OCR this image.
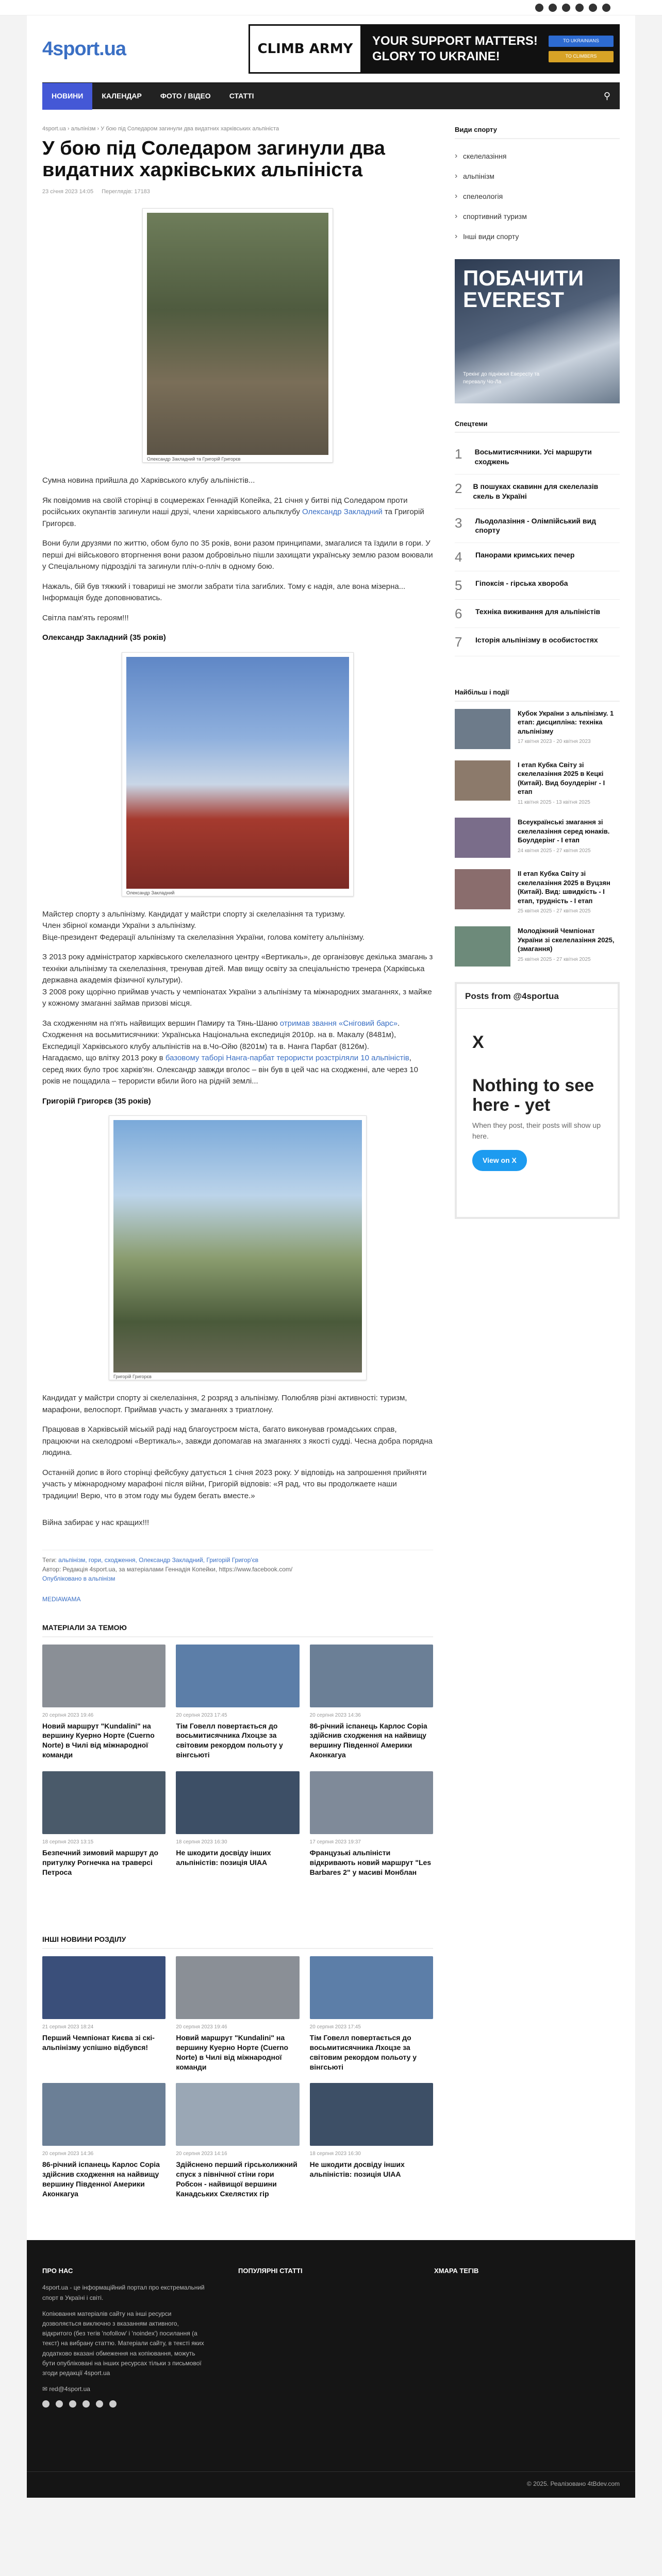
4sport.ua	CLIMB ARMY YOUR SUPPORT MATTERS!
GLORY TO UKRAINE!
TO UKRAINIANS
TO CLIMBERS
НОВИНИ	КАЛЕНДАР	ФОТО / ВІДЕО	СТАТТІ	⚲
4sport.ua › альпінізм › У бою під Соледаром загинули два видатних харківських альпініста
У бою під Соледаром загинули два видатних харківських альпініста
23 січня 2023 14:05 Переглядів: 17183
Олександр Закладний та Григорій Григорєв

Сумна новина прийшла до Харківського клубу альпіністів...

Як повідомив на своїй сторінці в соцмережах Геннадій Копейка, 21 січня у битві під Соледаром проти російських окупантів загинули наші друзі, члени харківського альпклубу Олександр Закладний та Григорій Григорєв.

Вони були друзями по життю, обом було по 35 років, вони разом принципами, змагалися та їздили в гори. У перші дні військового вторгнення вони разом добровільно пішли захищати українську землю разом воювали у Спеціальному підрозділі та загинули пліч-о-пліч в одному бою.

Нажаль, бій був тяжкий і товариші не змогли забрати тіла загиблих. Тому є надія, але вона мізерна... Інформація буде доповнюватись.

Світла пам'ять героям!!!

Олександр Закладний (35 років)

Олександр Закладний

Майстер спорту з альпінізму. Кандидат у майстри спорту зі скелелазіння та туризму.
Член збірної команди України з альпінізму.
Віце-президент Федерації альпінізму та скелелазіння України, голова комітету альпінізму.

З 2013 року адміністратор харківського скелелазного центру «Вертикаль», де організовує декілька змагань з техніки альпінізму та скелелазіння, тренував дітей. Мав вищу освіту за спеціальністю тренера (Харківська державна академія фізичної культури).
З 2008 року щорічно приймав участь у чемпіонатах України з альпінізму та міжнародних змаганнях, з майже у кожному змаганні займав призові місця.

За сходженням на п'ять найвищих вершин Памиру та Тянь-Шаню отримав звання «Сніговий барс». Сходження на восьмитисячники: Українська Національна експедиція 2010р. на в. Макалу (8481м), Експедиції Харківського клубу альпіністів на в.Чо-Ойю (8201м) та в. Нанга Парбат (8126м).
Нагадаємо, що влітку 2013 року в базовому таборі Нанга-парбат терористи розстріляли 10 альпіністів, серед яких було троє харків'ян. Олександр завжди вголос – він був в цей час на сходженні, але через 10 років не пощадила – терористи вбили його на рідній землі...

Григорій Григорєв (35 років)

Григорій Григорєв

Кандидат у майстри спорту зі скелелазіння, 2 розряд з альпінізму. Полюбляв різні активності: туризм, марафони, велоспорт. Приймав участь у змаганнях з триатлону.

Працював в Харківській міській раді над благоустроєм міста, багато виконував громадських справ, працюючи на скелодромі «Вертикаль», завжди допомагав на змаганнях з якості судді. Чесна добра порядна людина.

Останній допис в його сторінці фейсбуку датується 1 січня 2023 року. У відповідь на запрошення прийняти участь у міжнародному марафоні після війни, Григорій відповів: «Я рад, что вы продолжаете наши традиции! Верю, что в этом году мы будем бегать вместе.»

Війна забирає у нас кращих!!!

Теги: альпінізм, гори, сходження, Олександр Закладний, Григорій Григор'єв
Автор: Редакція 4sport.ua, за матеріалами Геннадія Копейки, https://www.facebook.com/
Опубліковано в альпінізм
MEDIAWAMA
МАТЕРІАЛИ ЗА ТЕМОЮ
20 серпня 2023 19:46
Новий маршрут "Kundalini" на вершину Куерно Норте (Cuerno Norte) в Чилі від міжнародної команди
20 серпня 2023 17:45
Тім Говелл повертається до восьмитисячника Лхоцзе за світовим рекордом польоту у вінгсьюті
20 серпня 2023 14:36
86-річний іспанець Карлос Соріа здійснив сходження на найвищу вершину Південної Америки Аконкагуа
18 серпня 2023 13:15
Безпечний зимовий маршрут до притулку Рогнечка на траверсі Петроса
18 серпня 2023 16:30
Не шкодити досвіду інших альпіністів: позиція UIAA
17 серпня 2023 19:37
Французькі альпіністи відкривають новий маршрут "Les Barbares 2" у масиві Монблан
ІНШІ НОВИНИ РОЗДІЛУ
21 серпня 2023 18:24
Перший Чемпіонат Києва зі скі-альпінізму успішно відбувся!
20 серпня 2023 19:46
Новий маршрут "Kundalini" на вершину Куерно Норте (Cuerno Norte) в Чилі від міжнародної команди
20 серпня 2023 17:45
Тім Говелл повертається до восьмитисячника Лхоцзе за світовим рекордом польоту у вінгсьюті
20 серпня 2023 14:36
86-річний іспанець Карлос Соріа здійснив сходження на найвищу вершину Південної Америки Аконкагуа
20 серпня 2023 14:16
Здійснено перший гірськолижний спуск з північної стіни гори Робсон - найвищої вершини Канадських Скелястих гір
18 серпня 2023 16:30
Не шкодити досвіду інших альпіністів: позиція UIAA
Види спорту
› скелелазіння
› альпінізм
› спелеологія
› спортивний туризм
› Інші види спорту
ПОБАЧИТИ
EVEREST
Трекінг до підніжжя Евересту та перевалу Чо-Ла
Спецтеми
1	Восьмитисячники. Усі маршрути сходжень
2	В пошуках скавинн для скелелазів скель в Україні
3	Льодолазіння - Олімпійський вид спорту
4	Панорами кримських печер
5	Гіпоксія - гірська хвороба
6	Техніка виживання для альпіністів
7	Історія альпінізму в особистостях
Найбільш і події
Кубок України з альпінізму. 1 етап: дисципліна: техніка альпінізму
17 квітня 2023 - 20 квітня 2023
І етап Кубка Світу зі скелелазіння 2025 в Кецкі (Китай). Вид боулдерінг - І етап
11 квітня 2025 - 13 квітня 2025
Всеукраїнські змагання зі скелелазіння серед юнаків. Боулдерінг - І етап
24 квітня 2025 - 27 квітня 2025
ІІ етап Кубка Світу зі скелелазіння 2025 в Вуцзян (Китай). Вид: швидкість - І етап, трудність - І етап
25 квітня 2025 - 27 квітня 2025
Молодіжний Чемпіонат України зі скелелазіння 2025, (змагання)
25 квітня 2025 - 27 квітня 2025
Posts from @4sportua
X
Nothing to see here - yet
When they post, their posts will show up here.
View on X
ПРО НАС

4sport.ua - це інформаційний портал про екстремальний спорт в Україні і світі.

Копіювання матеріалів сайту на інші ресурси дозволяється виключно з вказанням активного, відкритого (без тегів 'nofollow' і 'noindex') посилання (а текст) на вибрану статтю. Матеріали сайту, в тексті яких додатково вказані обмеження на копіювання, можуть бути опубліковані на інших ресурсах тільки з письмової згоди редакції 4sport.ua

✉ red@4sport.ua

ПОПУЛЯРНІ СТАТТІ	ХМАРА ТЕГІВ
© 2025. Реалізовано 4tBdev.com
